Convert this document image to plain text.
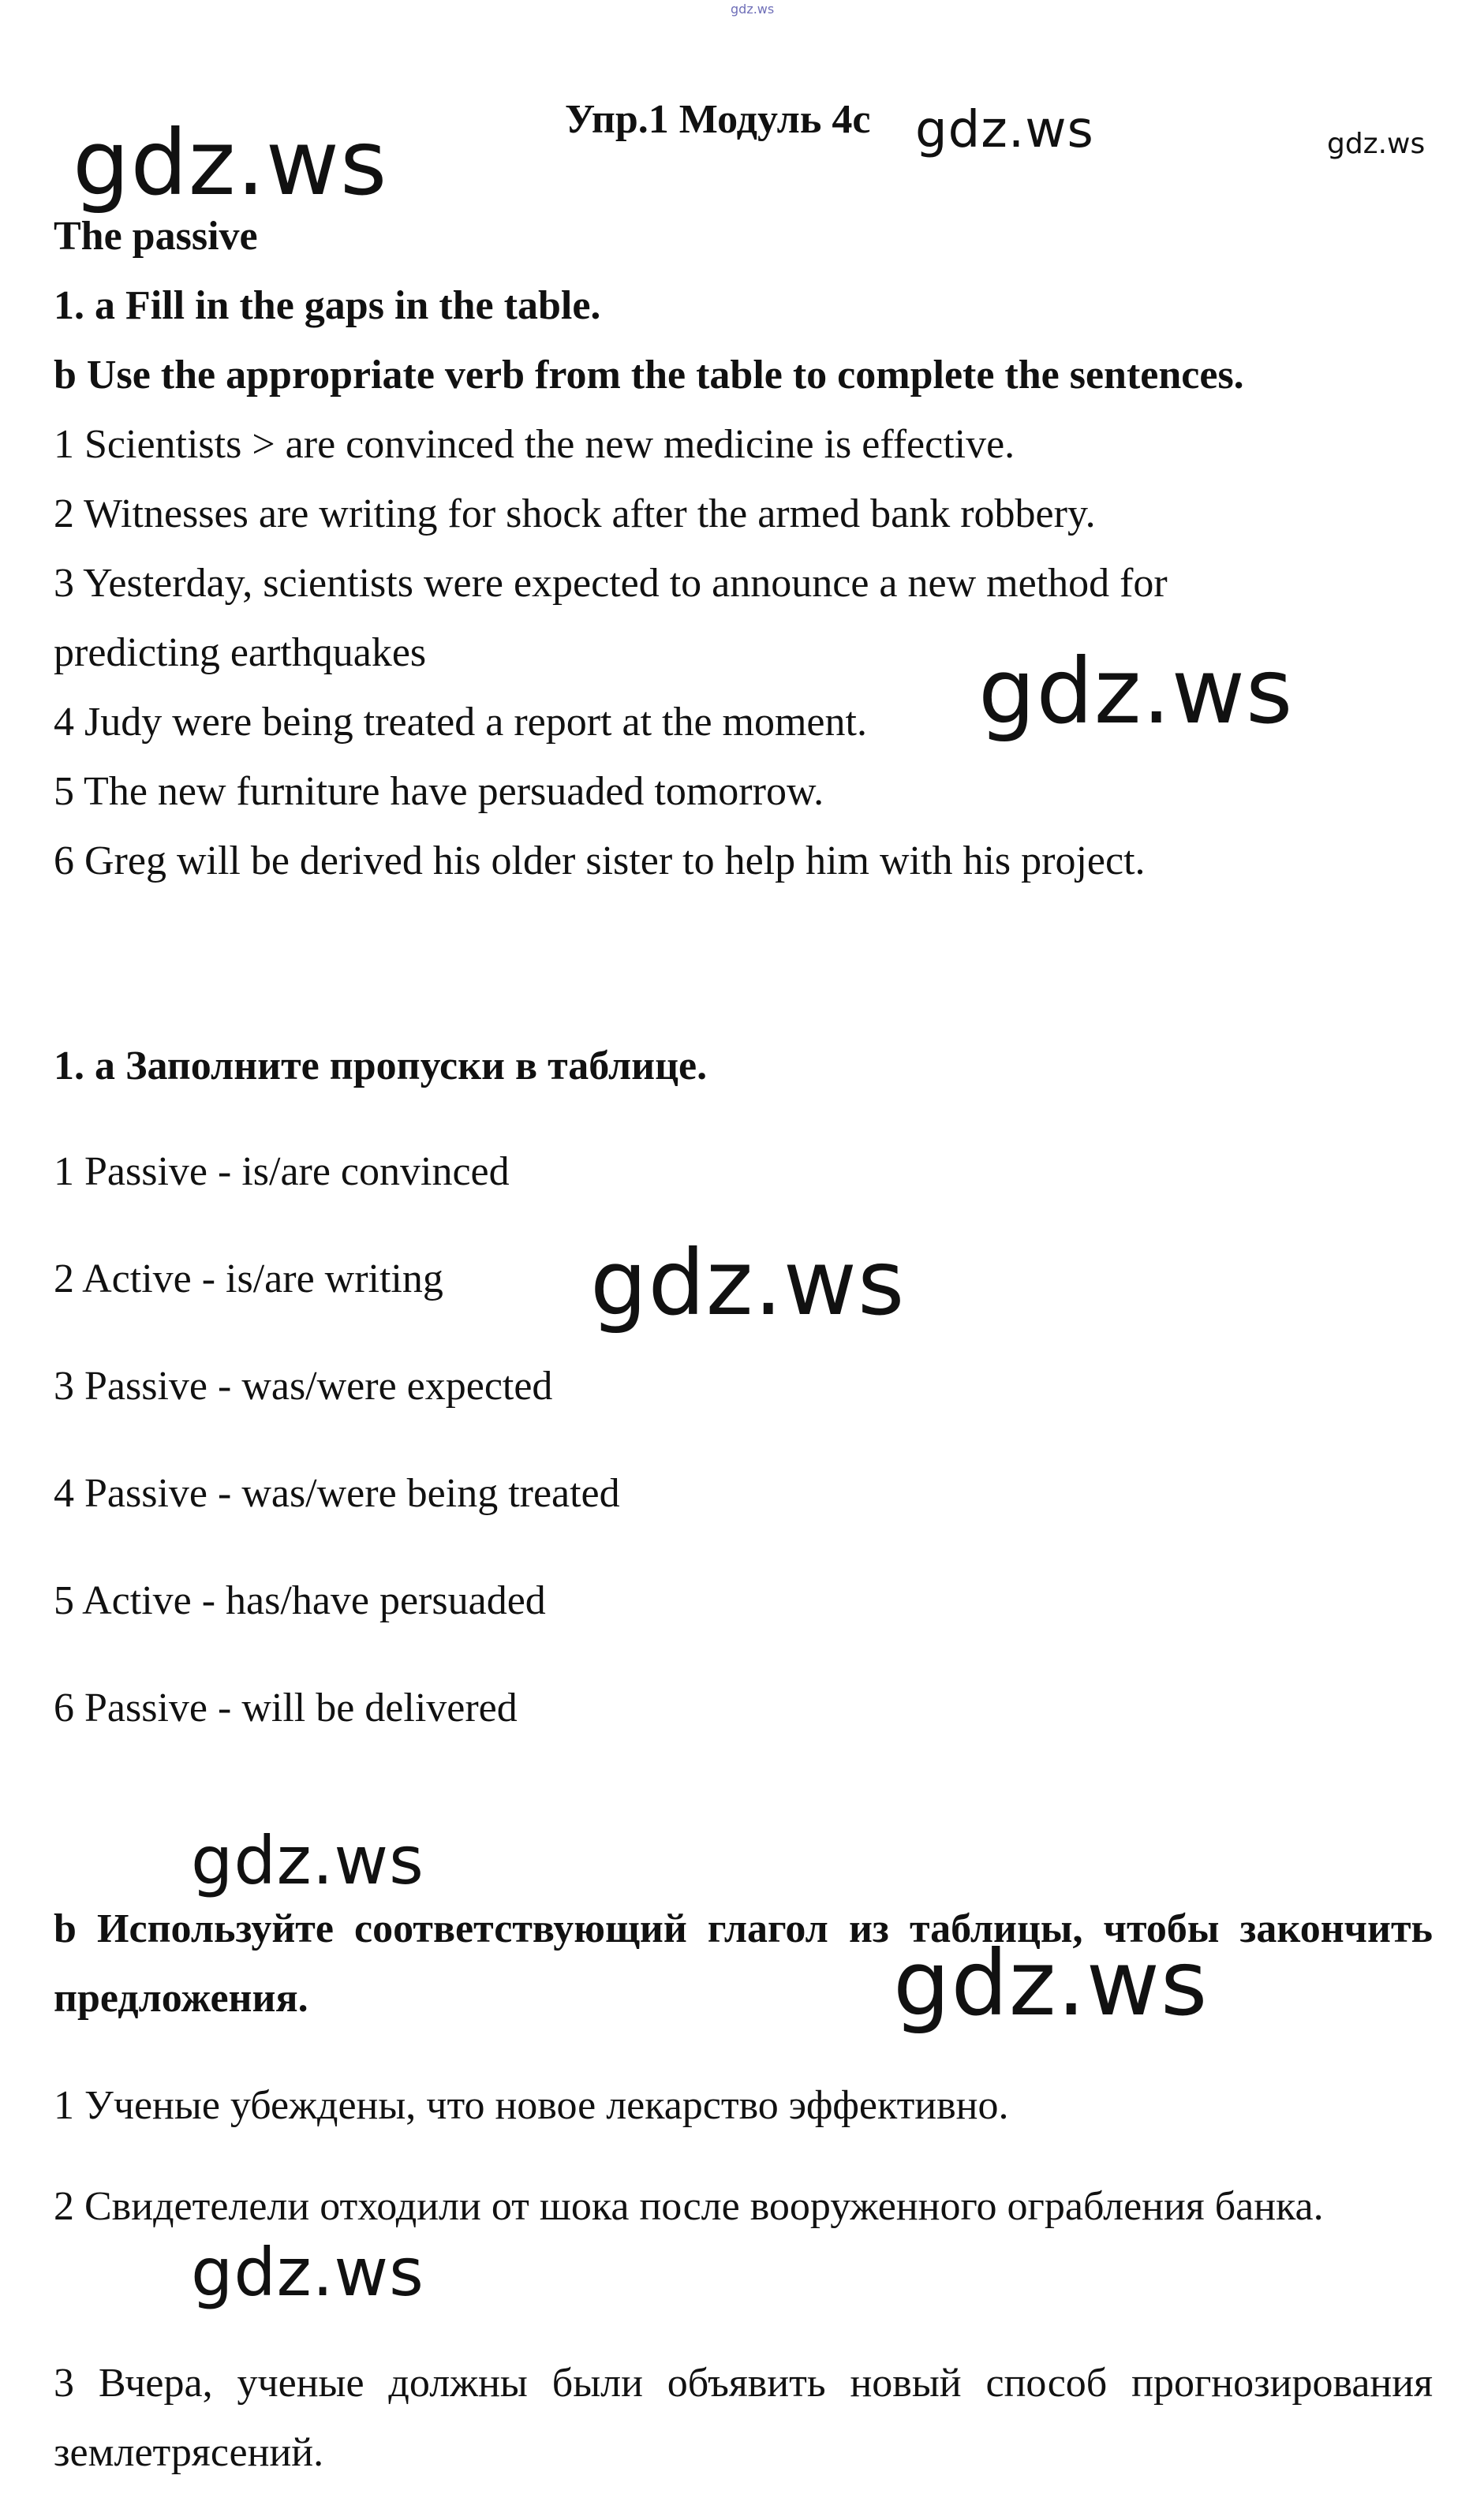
gdz.ws
gdz.ws	gdz.ws	gdz.ws
gdz.ws
gdz.ws
gdz.ws
gdz.ws
gdz.ws
Упр.1 Модуль 4c
The passive
1. a Fill in the gaps in the table.
b Use the appropriate verb from the table to complete the sentences.
1 Scientists > are convinced the new medicine is effective.
2 Witnesses are writing for shock after the armed bank robbery.
3 Yesterday, scientists were expected to announce a new method for
predicting earthquakes
4 Judy were being treated a report at the moment.
5 The new furniture have persuaded tomorrow.
6 Greg will be derived his older sister to help him with his project.
1. a Заполните пропуски в таблице.
1 Passive - is/are convinced
2 Active - is/are writing
3 Passive - was/were expected
4 Passive - was/were being treated
5 Active - has/have persuaded
6 Passive - will be delivered
b Используйте соответствующий глагол из таблицы, чтобы закончить предложения.
1 Ученые убеждены, что новое лекарство эффективно.
2 Свидетелели отходили от шока после вооруженного ограбления банка.
3 Вчера, ученые должны были объявить новый способ прогнозирования землетрясений.
